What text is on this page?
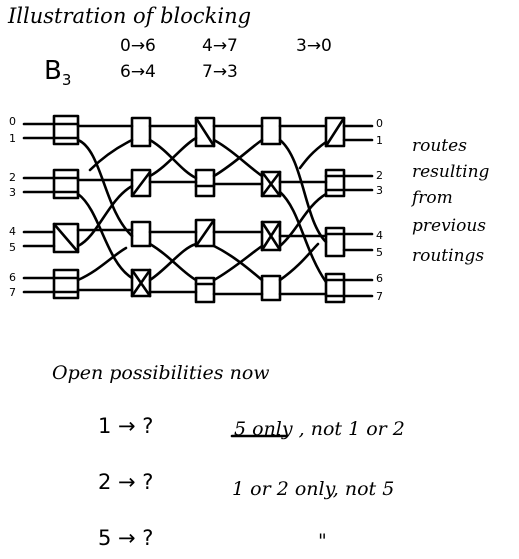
Illustration of blocking
0→6	4→7	3→0
6→4	7→3
$B_3$
0
1
2
3
4
5
6
7
0
1
2
3
4
5
6
7
routes
resulting
from
previous
routings
Open possibilities now
1 → ?	5 only , not 1 or 2
2 → ?	1 or 2 only, not 5
5 → ?	"
